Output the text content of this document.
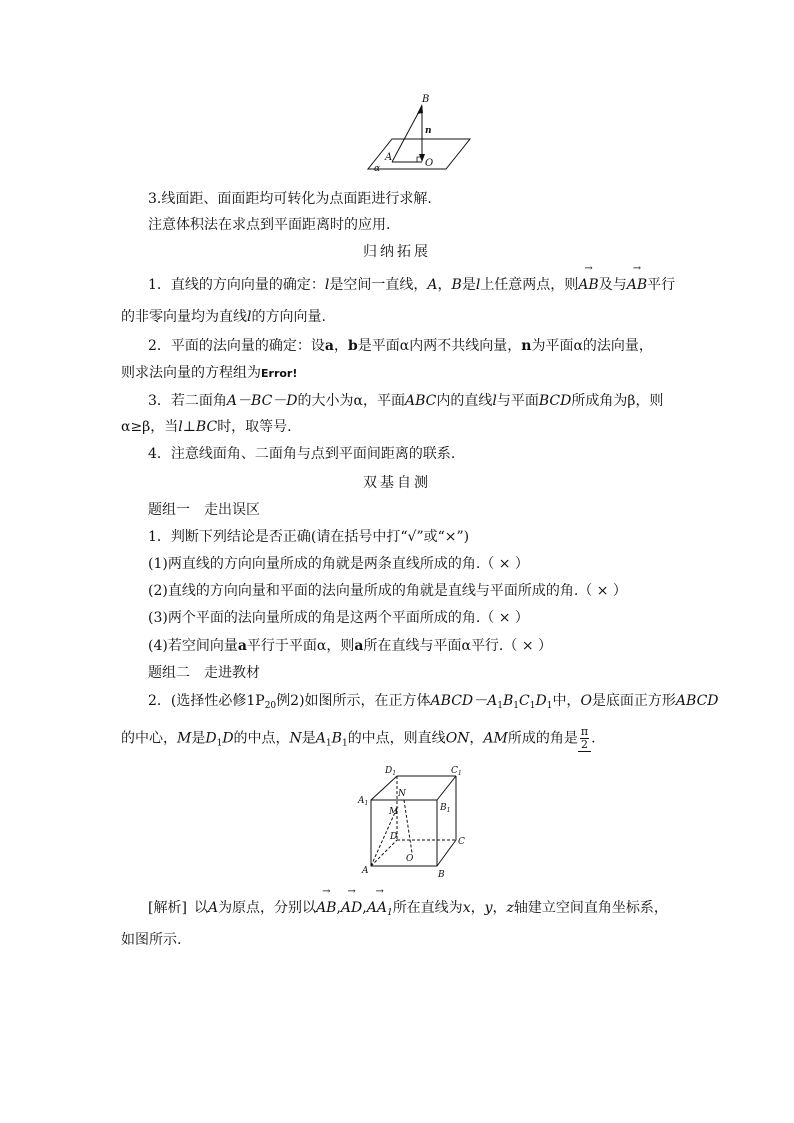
B
n
A
O
α
3.线面距、面面距均可转化为点面距进行求解.
注意体积法在求点到平面距离时的应用.
归纳拓展
1．直线的方向向量的确定：l是空间一直线，A，B是l上任意两点，则→ AB及与→ AB平行
的非零向量均为直线l的方向向量.
2．平面的法向量的确定：设a，b是平面α内两不共线向量，n为平面α的法向量，
则求法向量的方程组为Error!
3．若二面角A－BC－D的大小为α，平面ABC内的直线l与平面BCD所成角为β，则
α≥β，当l⊥BC时，取等号.
4．注意线面角、二面角与点到平面间距离的联系.
双基自测
题组一　走出误区
1．判断下列结论是否正确(请在括号中打“√”或“×”)
(1)两直线的方向向量所成的角就是两条直线所成的角.（ × ）
(2)直线的方向向量和平面的法向量所成的角就是直线与平面所成的角.（ × ）
(3)两个平面的法向量所成的角是这两个平面所成的角.（ × ）
(4)若空间向量a平行于平面α，则a所在直线与平面α平行.（ × ）
题组二　走进教材
2．(选择性必修$1P_{20}$例2)如图所示，在正方体$ABCD-A_1B_1C_1D_1$中，O是底面正方形ABCD
的中心，M是$D_1D$的中点，N是$A_1B_1$的中点，则直线ON，AM所成的角是 $\frac{\pi}{2}$ .
$D_1$	$C_1$
$A_1$	$B_1$
N
M
D	C
O
A	B
[解析]  以A为原点，分别以→ $AB,\to AD,\to AA_1$所在直线为x，y，z轴建立空间直角坐标系，
如图所示.
